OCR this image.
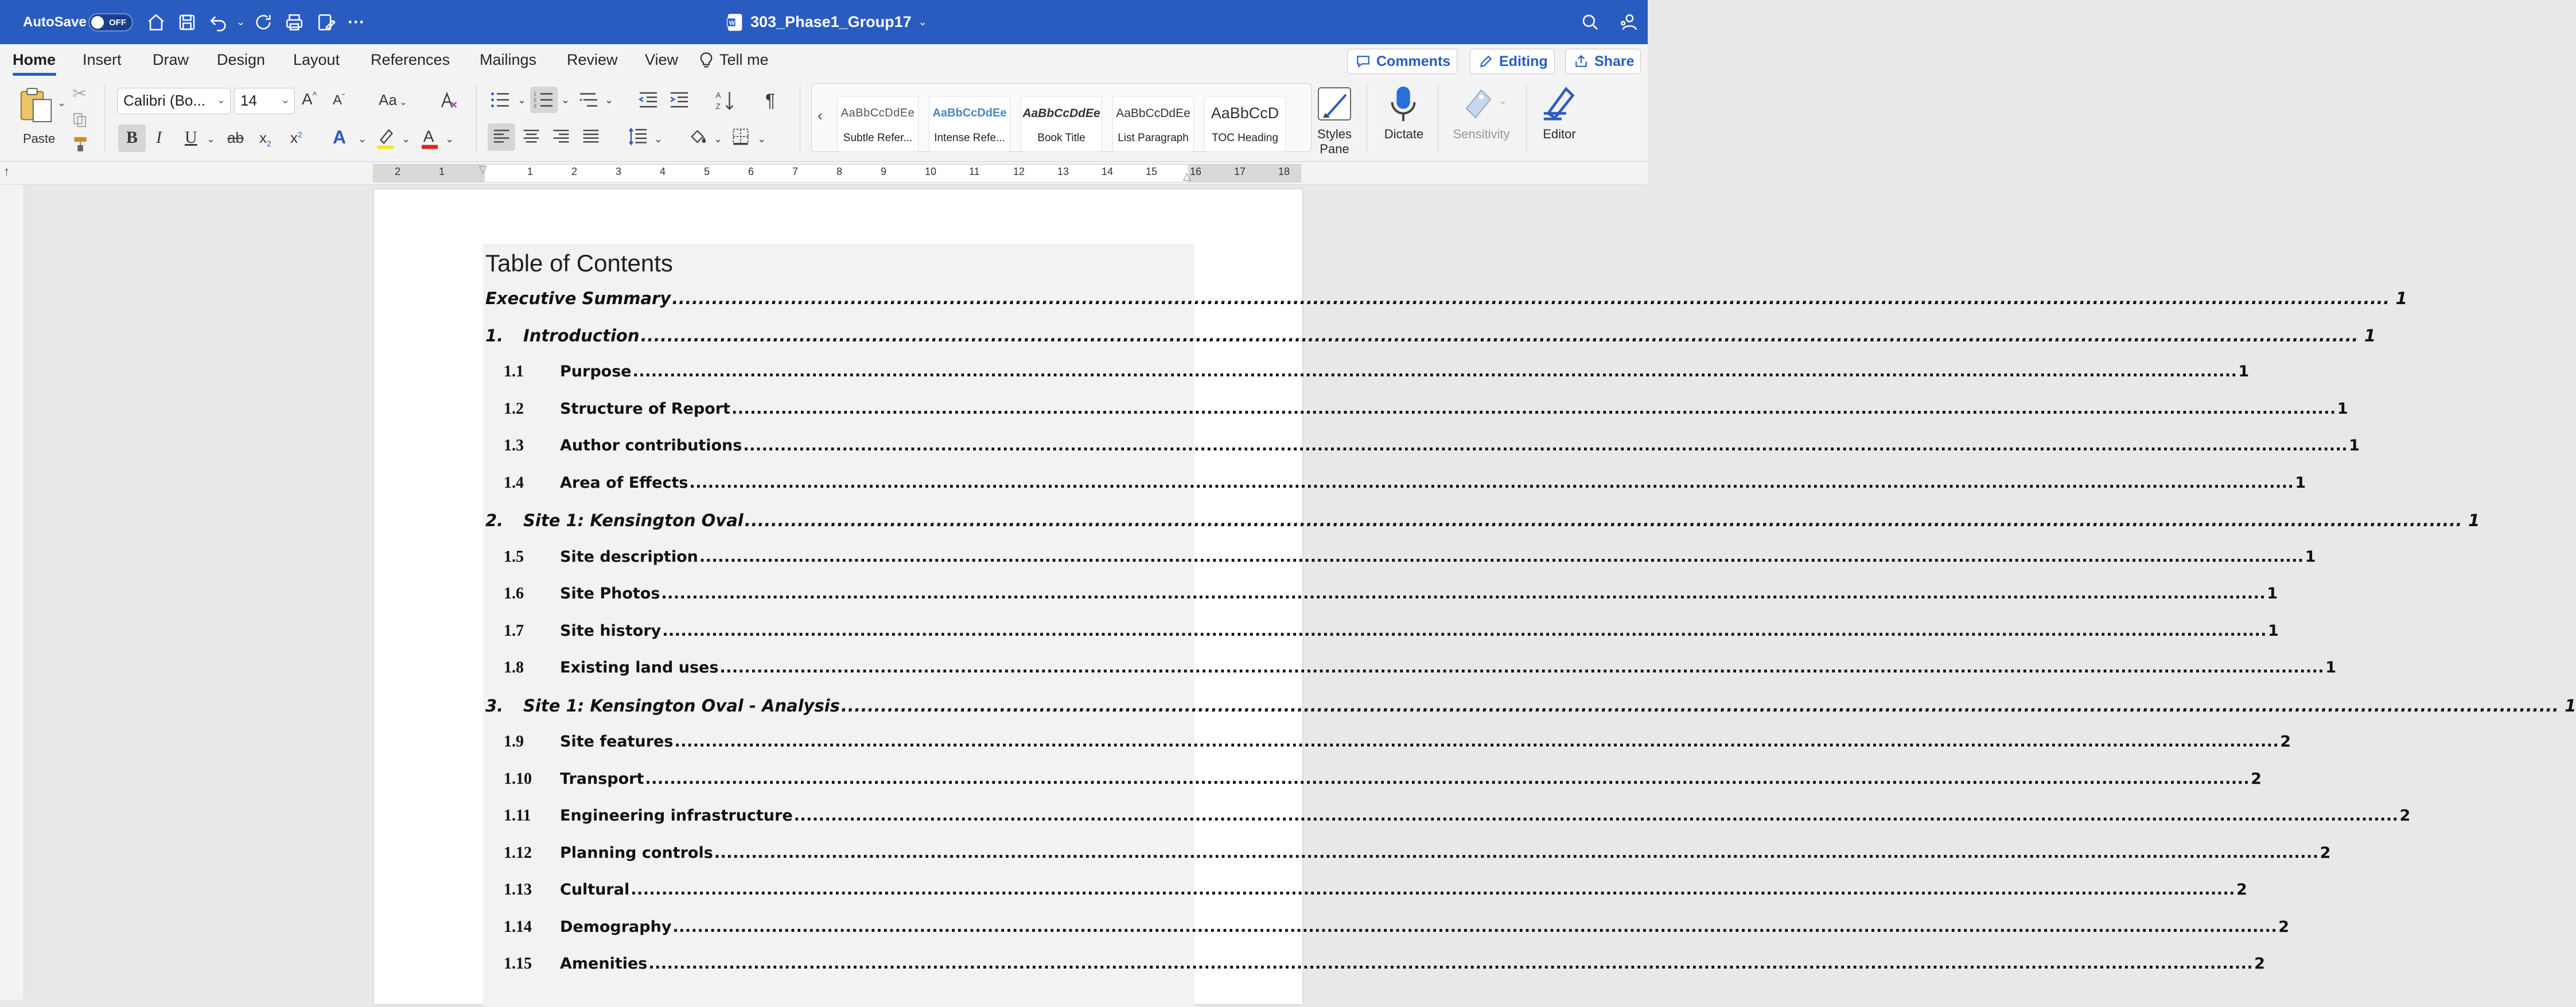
AutoSave	OFF	⌄	···	W 303_Phase1_Group17 ⌄
Home Insert Draw Design Layout References Mailings Review View	Tell me	Comments	Editing	Share
⌄
Paste
✂	Calibri (Bo... ⌄	14 ⌄ A^ $A^ˇ$ Aa ⌄
B	I U ⌄ ab $x_2$ $x^2$ A ⌄	⌄ A ⌄
⌄
1
2
3
⌄	⌄	A
Z ¶
⌄	⌄	⌄
‹ AaBbCcDdEe
Subtle Refer...
AaBbCcDdEe
Intense Refe...
AaBbCcDdEe
Book Title
AaBbCcDdEe
List Paragraph
AaBbCcD
TOC Heading	Styles
Pane
Dictate
⌄
Sensitivity	Editor
↑	2	1	1	2	3	4	5	6	7	8	9	10	11	12	13	14	15	16	17	18
▽
△
Table of Contents
Executive Summary .................................................................................................................................................................................................................................................................... 1
1.	Introduction .................................................................................................................................................................................................................................................................... 1
1.1	Purpose .................................................................................................................................................................................................................................................................... 1
1.2	Structure of Report .................................................................................................................................................................................................................................................................... 1
1.3	Author contributions .................................................................................................................................................................................................................................................................... 1
1.4	Area of Effects .................................................................................................................................................................................................................................................................... 1
2.	Site 1: Kensington Oval .................................................................................................................................................................................................................................................................... 1
1.5	Site description .................................................................................................................................................................................................................................................................... 1
1.6	Site Photos .................................................................................................................................................................................................................................................................... 1
1.7	Site history .................................................................................................................................................................................................................................................................... 1
1.8	Existing land uses .................................................................................................................................................................................................................................................................... 1
3.	Site 1: Kensington Oval - Analysis .................................................................................................................................................................................................................................................................... 1
1.9	Site features .................................................................................................................................................................................................................................................................... 2
1.10	Transport .................................................................................................................................................................................................................................................................... 2
1.11	Engineering infrastructure .................................................................................................................................................................................................................................................................... 2
1.12	Planning controls .................................................................................................................................................................................................................................................................... 2
1.13	Cultural .................................................................................................................................................................................................................................................................... 2
1.14	Demography .................................................................................................................................................................................................................................................................... 2
1.15	Amenities .................................................................................................................................................................................................................................................................... 2
